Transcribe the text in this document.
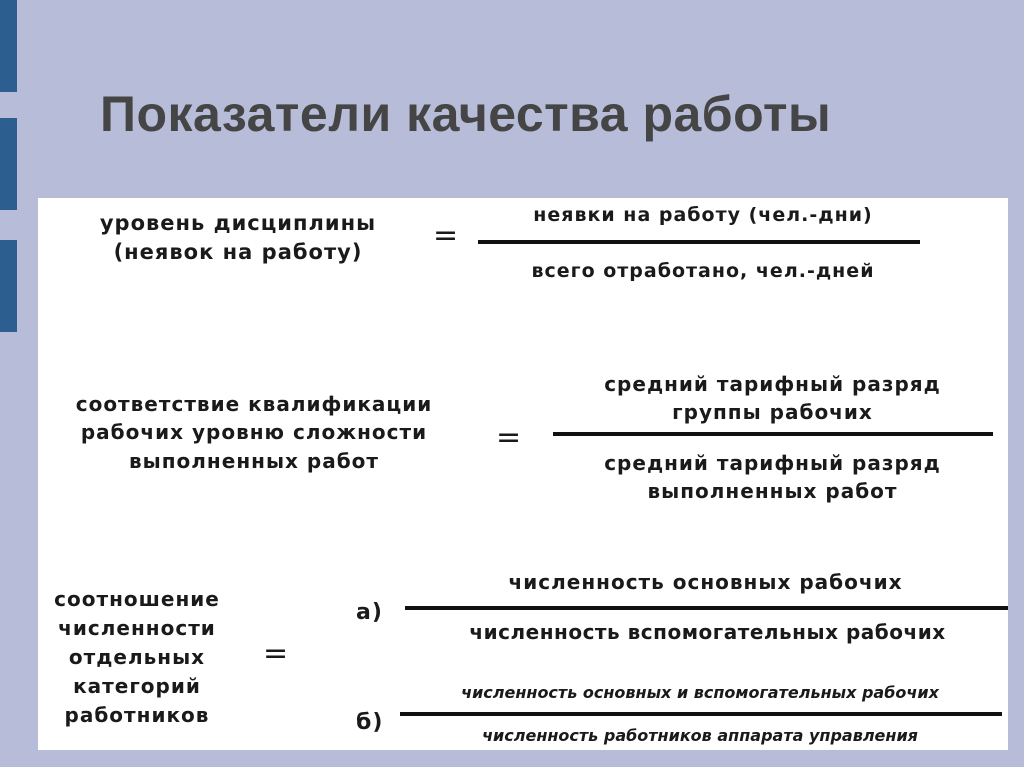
Показатели качества работы
уровень дисциплины
(неявок на работу)	=
неявки на работу (чел.-дни)
всего отработано, чел.-дней
соответствие квалификации
рабочих уровню сложности
выполненных работ
=
средний тарифный разряд
группы рабочих
средний тарифный разряд
выполненных работ
соотношение
численности
отдельных
категорий
работников
=
а)
численность основных рабочих
численность вспомогательных рабочих
б)
численность основных и вспомогательных рабочих
численность работников аппарата управления
